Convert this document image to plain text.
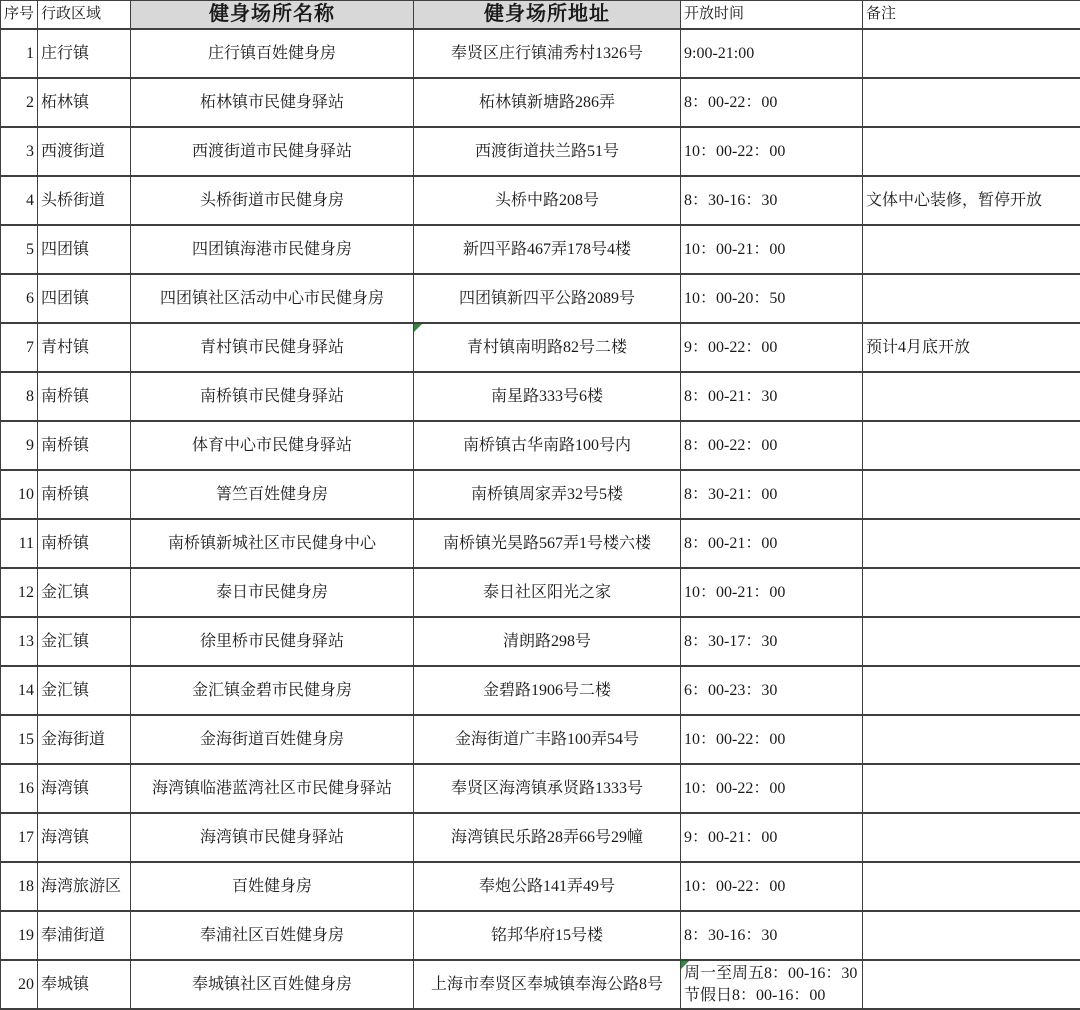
序号	行政区域	健身场所名称	健身场所地址	开放时间	备注
1	庄行镇	庄行镇百姓健身房	奉贤区庄行镇浦秀村1326号	9:00-21:00	
2	柘林镇	柘林镇市民健身驿站	柘林镇新塘路286弄	8：00-22：00	
3	西渡街道	西渡街道市民健身驿站	西渡街道扶兰路51号	10：00-22：00	
4	头桥街道	头桥街道市民健身房	头桥中路208号	8：30-16：30	文体中心装修，暂停开放
5	四团镇	四团镇海港市民健身房	新四平路467弄178号4楼	10：00-21：00	
6	四团镇	四团镇社区活动中心市民健身房	四团镇新四平公路2089号	10：00-20：50	
7	青村镇	青村镇市民健身驿站	青村镇南明路82号二楼	9：00-22：00	预计4月底开放
8	南桥镇	南桥镇市民健身驿站	南星路333号6楼	8：00-21：30	
9	南桥镇	体育中心市民健身驿站	南桥镇古华南路100号内	8：00-22：00	
10	南桥镇	箐竺百姓健身房	南桥镇周家弄32号5楼	8：30-21：00	
11	南桥镇	南桥镇新城社区市民健身中心	南桥镇光昊路567弄1号楼六楼	8：00-21：00	
12	金汇镇	泰日市民健身房	泰日社区阳光之家	10：00-21：00	
13	金汇镇	徐里桥市民健身驿站	清朗路298号	8：30-17：30	
14	金汇镇	金汇镇金碧市民健身房	金碧路1906号二楼	6：00-23：30	
15	金海街道	金海街道百姓健身房	金海街道广丰路100弄54号	10：00-22：00	
16	海湾镇	海湾镇临港蓝湾社区市民健身驿站	奉贤区海湾镇承贤路1333号	10：00-22：00	
17	海湾镇	海湾镇市民健身驿站	海湾镇民乐路28弄66号29幢	9：00-21：00	
18	海湾旅游区	百姓健身房	奉炮公路141弄49号	10：00-22：00	
19	奉浦街道	奉浦社区百姓健身房	铭邦华府15号楼	8：30-16：30	
20	奉城镇	奉城镇社区百姓健身房	上海市奉贤区奉城镇奉海公路8号	周一至周五8：00-16：30节假日8：00-16：00
